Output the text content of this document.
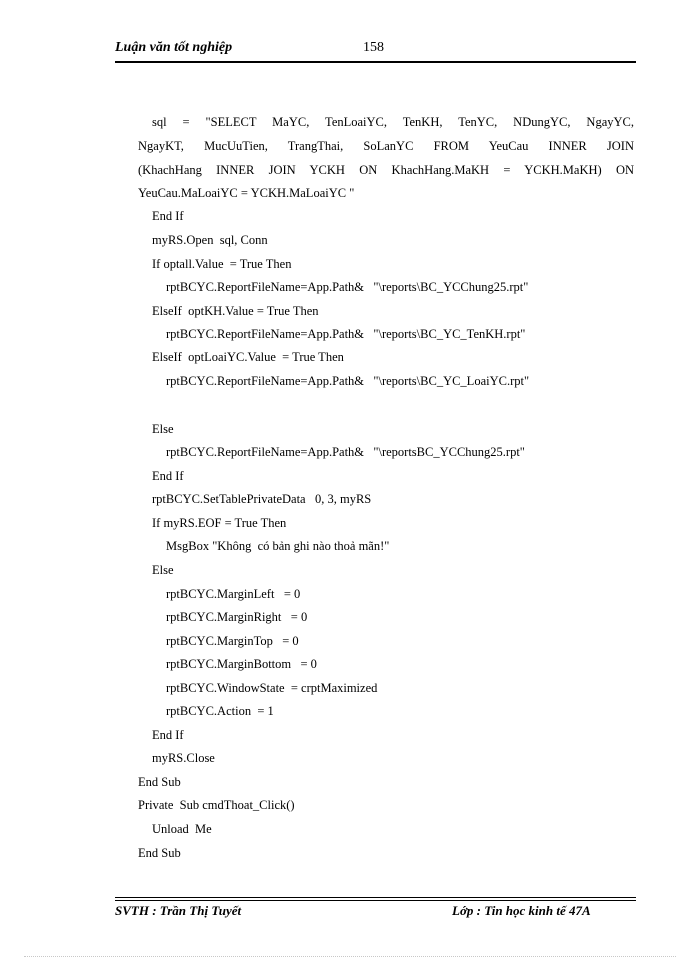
Luận văn tốt nghiệp	158
sql = "SELECT MaYC, TenLoaiYC, TenKH, TenYC, NDungYC, NgayYC,
NgayKT, MucUuTien, TrangThai, SoLanYC FROM YeuCau INNER JOIN
(KhachHang INNER JOIN YCKH ON KhachHang.MaKH = YCKH.MaKH) ON
YeuCau.MaLoaiYC = YCKH.MaLoaiYC "
End If
myRS.Open  sql, Conn
If optall.Value  = True Then
rptBCYC.ReportFileName=App.Path&   "\reports\BC_YCChung25.rpt"
ElseIf  optKH.Value = True Then
rptBCYC.ReportFileName=App.Path&   "\reports\BC_YC_TenKH.rpt"
ElseIf  optLoaiYC.Value  = True Then
rptBCYC.ReportFileName=App.Path&   "\reports\BC_YC_LoaiYC.rpt"
Else
rptBCYC.ReportFileName=App.Path&   "\reportsBC_YCChung25.rpt"
End If
rptBCYC.SetTablePrivateData   0, 3, myRS
If myRS.EOF = True Then
MsgBox "Không  có bản ghi nào thoả mãn!"
Else
rptBCYC.MarginLeft   = 0
rptBCYC.MarginRight   = 0
rptBCYC.MarginTop   = 0
rptBCYC.MarginBottom   = 0
rptBCYC.WindowState  = crptMaximized
rptBCYC.Action  = 1
End If
myRS.Close
End Sub
Private  Sub cmdThoat_Click()
Unload  Me
End Sub
SVTH : Trần Thị Tuyết	Lớp : Tin học kinh tế 47A
